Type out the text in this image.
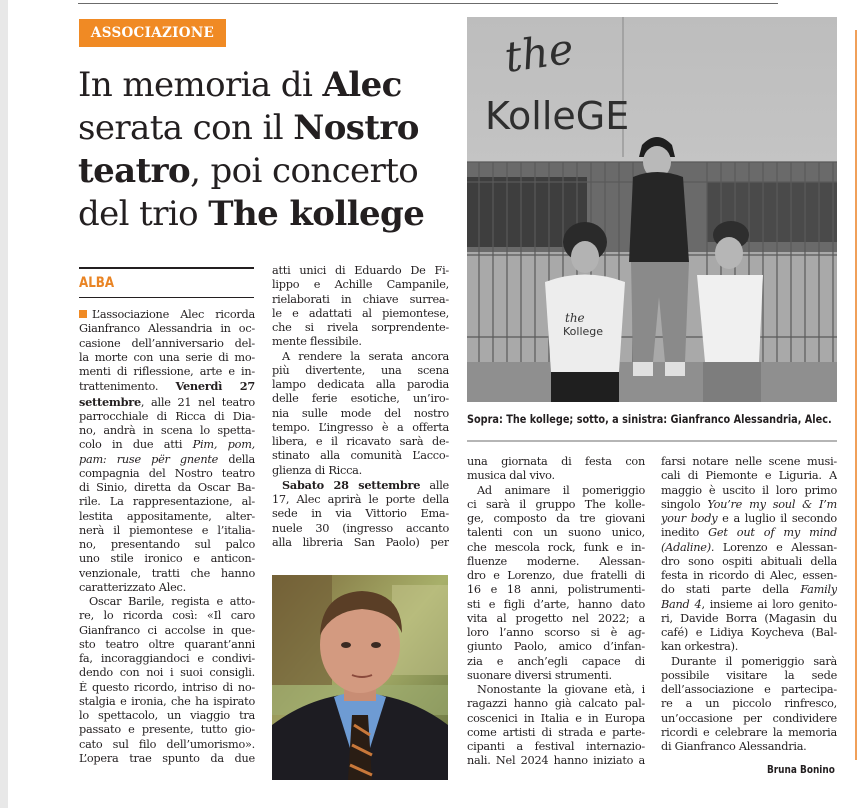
ASSOCIAZIONE
In memoria di Alec
serata con il Nostro
teatro, poi concerto
del trio The kollege
ALBA
L’associazione Alec ricorda
Gianfranco Alessandria in oc-
casione dell’anniversario del-
la morte con una serie di mo-
menti di riflessione, arte e in-
trattenimento. Venerdì 27
settembre, alle 21 nel teatro
parrocchiale di Ricca di Dia-
no, andrà in scena lo spetta-
colo in due atti Pim, pom,
pam: ruse për gnente della
compagnia del Nostro teatro
di Sinio, diretta da Oscar Ba-
rile. La rappresentazione, al-
lestita appositamente, alter-
nerà il piemontese e l’italia-
no, presentando sul palco
uno stile ironico e anticon-
venzionale, tratti che hanno
caratterizzato Alec.
Oscar Barile, regista e atto-
re, lo ricorda così: «Il caro
Gianfranco ci accolse in que-
sto teatro oltre quarant’anni
fa, incoraggiandoci e condivi-
dendo con noi i suoi consigli.
È questo ricordo, intriso di no-
stalgia e ironia, che ha ispirato
lo spettacolo, un viaggio tra
passato e presente, tutto gio-
cato sul filo dell’umorismo».
L’opera trae spunto da due
atti unici di Eduardo De Fi-
lippo e Achille Campanile,
rielaborati in chiave surrea-
le e adattati al piemontese,
che si rivela sorprendente-
mente flessibile.
A rendere la serata ancora
più divertente, una scena
lampo dedicata alla parodia
delle ferie esotiche, un’iro-
nia sulle mode del nostro
tempo. L’ingresso è a offerta
libera, e il ricavato sarà de-
stinato alla comunità L’acco-
glienza di Ricca.
Sabato 28 settembre alle
17, Alec aprirà le porte della
sede in via Vittorio Ema-
nuele 30 (ingresso accanto
alla libreria San Paolo) per
the
KolleGE
the
Kollege
Sopra: The kollege; sotto, a sinistra: Gianfranco Alessandria, Alec.
una giornata di festa con
musica dal vivo.
Ad animare il pomeriggio
ci sarà il gruppo The kolle-
ge, composto da tre giovani
talenti con un suono unico,
che mescola rock, funk e in-
fluenze moderne. Alessan-
dro e Lorenzo, due fratelli di
16 e 18 anni, polistrumenti-
sti e figli d’arte, hanno dato
vita al progetto nel 2022; a
loro l’anno scorso si è ag-
giunto Paolo, amico d’infan-
zia e anch’egli capace di
suonare diversi strumenti.
Nonostante la giovane età, i
ragazzi hanno già calcato pal-
coscenici in Italia e in Europa
come artisti di strada e parte-
cipanti a festival internazio-
nali. Nel 2024 hanno iniziato a
farsi notare nelle scene musi-
cali di Piemonte e Liguria. A
maggio è uscito il loro primo
singolo You’re my soul & I’m
your body e a luglio il secondo
inedito Get out of my mind
(Adaline). Lorenzo e Alessan-
dro sono ospiti abituali della
festa in ricordo di Alec, essen-
do stati parte della Family
Band 4, insieme ai loro genito-
ri, Davide Borra (Magasin du
café) e Lidiya Koycheva (Bal-
kan orkestra).
Durante il pomeriggio sarà
possibile visitare la sede
dell’associazione e partecipa-
re a un piccolo rinfresco,
un’occasione per condividere
ricordi e celebrare la memoria
di Gianfranco Alessandria.
Bruna Bonino
